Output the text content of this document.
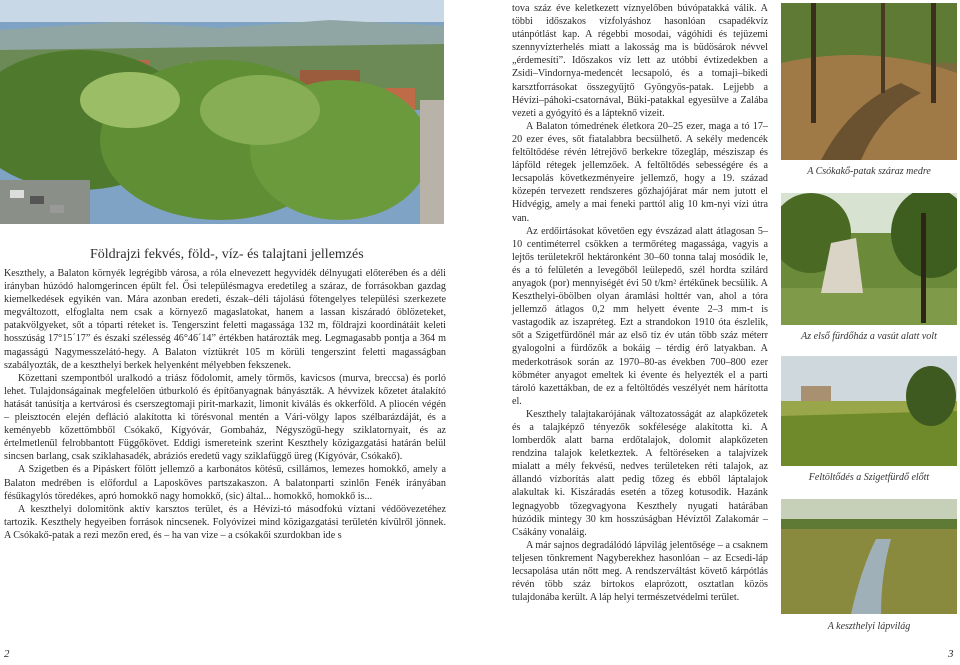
A Csókakő-patak száraz medre
Az első fürdőház a vasút alatt volt
Feltöltődés a Szigetfürdő előtt
A keszthelyi lápvilág
Földrajzi fekvés, föld-, víz- és talajtani jellemzés

Keszthely, a Balaton környék legrégibb városa, a róla elnevezett hegyvidék délnyugati előterében és a déli irányban húzódó halomgerincen épült fel. Ősi településmagva eredetileg a száraz, de forrásokban gazdag kiemelkedések egyikén van. Mára azonban eredeti, észak–déli tájolású főtengelyes települési szerkezete megváltozott, elfoglalta nem csak a környező magaslatokat, hanem a lassan kiszáradó öblözeteket, patakvölgyeket, sőt a tóparti réteket is. Tengerszint feletti magassága 132 m, földrajzi koordinátáit keleti hosszúság 17°15´17” és északi szélesség 46°46´14” értékben határozták meg. Legmagasabb pontja a 364 m magasságú Nagymesszelátó-hegy. A Balaton víztükrét 105 m körüli tengerszint feletti magasságban szabályozták, de a keszthelyi berkek helyenként mélyebben fekszenek.

Közettani szempontból uralkodó a triász fődolomit, amely törmős, kavicsos (murva, breccsa) és porló lehet. Tulajdonságainak megfelelően útburkoló és építőanyagnak bányászták. A hévvizek kőzetet átalakító hatását tanúsítja a kertvárosi és cserszegtomaji pirit-markazit, limonit kiválás és okkerföld. A pliocén végén – pleisztocén elején defláció alakította ki törésvonal mentén a Vári-völgy lapos szélbarázdáját, és a keményebb kőzettömbből Csókakő, Kígyóvár, Gombaház, Négyszögű-hegy sziklatornyait, és az értelmetlenül felrobbantott Függőkövet. Eddigi ismereteink szerint Keszthely közigazgatási határán belül sincsen barlang, csak sziklahasadék, abráziós eredetű vagy sziklafüggő üreg (Kígyóvár, Csókakő).

A Szigetben és a Pipáskert fölött jellemző a karbonátos kötésű, csillámos, lemezes homokkő, amely a Balaton medrében is előfordul a Laposköves partszakaszon. A balatonparti szinlőn Fenék irányában fésűkagylós töredékes, apró homokkő nagy homokkő, (sic) által... homokkő, homokkő is...

A keszthelyi dolomitönk aktív karsztos terület, és a Hévízi-tó másodfokú víztani védőövezetéhez tartozik. Keszthely hegyeiben források nincsenek. Folyóvízei mind közigazgatási területén kívülről jönnek. A Csókakő-patak a rezi mezőn ered, és – ha van vize – a csókakői szurdokban ide s

tova száz éve keletkezett víznyelőben búvópatakká válik. A többi időszakos vízfolyáshoz hasonlóan csapadékvíz utánpótlást kap. A régebbi mosodai, vágóhídi és tejüzemi szennyvízterhelés miatt a lakosság ma is büdösárok névvel „érdemesíti”. Időszakos víz lett az utóbbi évtizedekben a Zsidi–Vindornya-medencét lecsapoló, és a tomaji–bikedi karsztforrásokat összegyűjtő Gyöngyös-patak. Lejjebb a Hévízi–páhoki-csatornával, Büki-patakkal egyesülve a Zalába vezeti a gyógyító és a lápteknő vizeit.

A Balaton tómedrének életkora 20–25 ezer, maga a tó 17–20 ezer éves, sőt fiatalabbra becsülhető. A sekély medencék feltöltődése révén létrejövő berkekre tőzegláp, mésziszap és lápföld rétegek jellemzőek. A feltöltődés sebességére és a lecsapolás következményeire jellemző, hogy a 19. század közepén tervezett rendszeres gőzhajójárat már nem jutott el Hídvégig, amely a mai feneki parttól alig 10 km-nyi vízi útra van.

Az erdőirtásokat követően egy évszázad alatt átlagosan 5–10 centiméterrel csökken a termőréteg magassága, vagyis a lejtős területekről hektáronként 30–60 tonna talaj mosódik le, és a tó felületén a levegőből leülepedő, szél hordta szilárd anyagok (por) mennyiségét évi 50 t/km² értékűnek becsülik. A Keszthelyi-öbölben olyan áramlási holttér van, ahol a tóra jellemző átlagos 0,2 mm helyett évente 2–3 mm-t is vastagodik az iszapréteg. Ezt a strandokon 1910 óta észlelik, sőt a Szigetfürdőnél már az első tíz év után több száz méterr gyalogolni a fürdőzők a bokáig – térdig érő latyakban. A mederkotrások során az 1970–80-as években 700–800 ezer köbméter anyagot emeltek ki évente és helyezték el a parti tároló kazettákban, de ez a feltöltődés veszélyét nem hárította el.

Keszthely talajtakarójának változatosságát az alapkőzetek és a talajképző tényezők sokfélesége alakította ki. A lomberdők alatt barna erdőtalajok, dolomit alapkőzeten rendzina talajok keletkeztek. A feltöréseken a talajvízek mialatt a mély fekvésű, nedves területeken réti talajok, az állandó vízborítás alatt pedig tőzeg és ebből láptalajok alakultak ki. Kiszáradás esetén a tőzeg kotusodik. Hazánk legnagyobb tőzegvagyona Keszthely nyugati határában húzódik mintegy 30 km hosszúságban Hévíztől Zalakomár – Csákány vonaláig.

A már sajnos degradálódó lápvilág jelentősége – a csaknem teljesen tönkrement Nagyberekhez hasonlóan – az Ecsedi-láp lecsapolása után nőtt meg. A rendszerváltást követő kárpótlás révén több száz birtokos elaprózott, osztatlan közös tulajdonába került. A láp helyi természetvédelmi terület.

2	3
